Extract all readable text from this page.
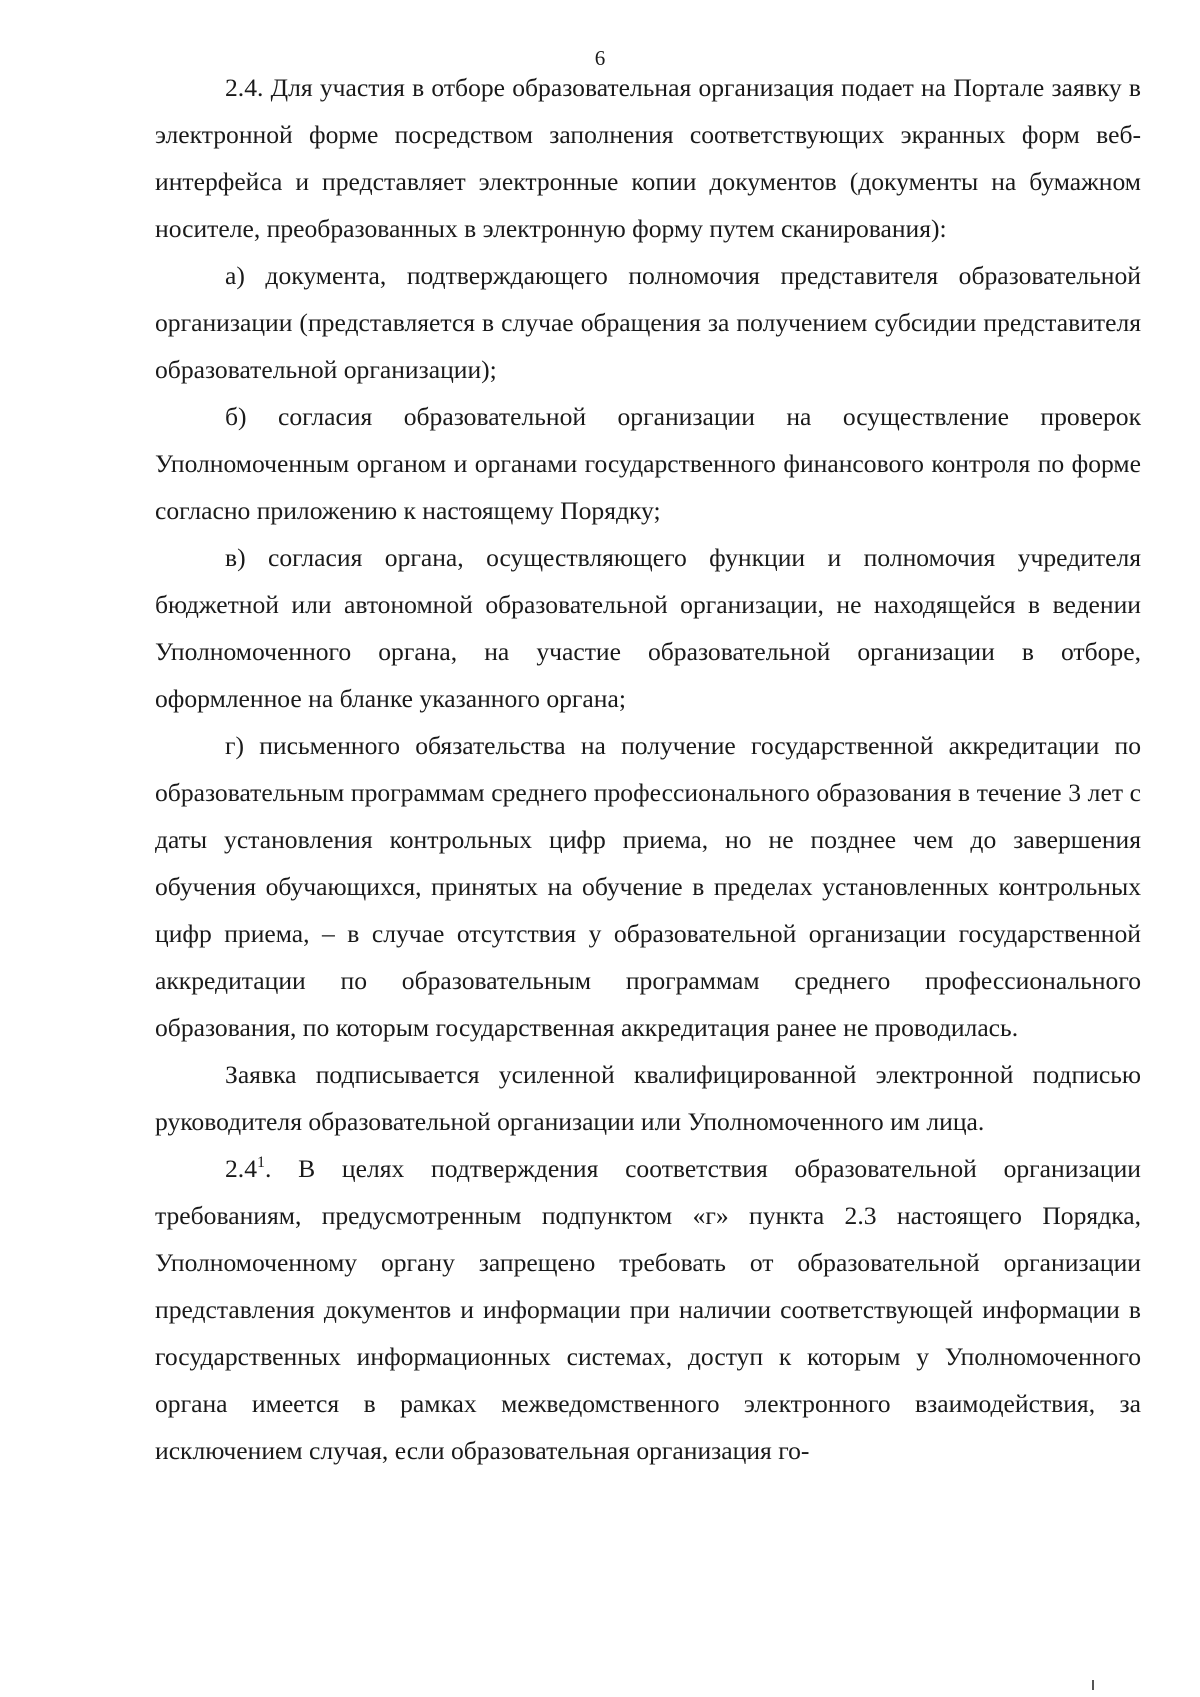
6

2.4. Для участия в отборе образовательная организация подает на Портале заявку в электронной форме посредством заполнения соответствующих экранных форм веб-интерфейса и представляет электронные копии документов (документы на бумажном носителе, преобразованных в электронную форму путем сканирования):

а) документа, подтверждающего полномочия представителя образовательной организации (представляется в случае обращения за получением субсидии представителя образовательной организации);

б) согласия образовательной организации на осуществление проверок Уполномоченным органом и органами государственного финансового контроля по форме согласно приложению к настоящему Порядку;

в) согласия органа, осуществляющего функции и полномочия учредителя бюджетной или автономной образовательной организации, не находящейся в ведении Уполномоченного органа, на участие образовательной организации в отборе, оформленное на бланке указанного органа;

г) письменного обязательства на получение государственной аккредитации по образовательным программам среднего профессионального образования в течение 3 лет с даты установления контрольных цифр приема, но не позднее чем до завершения обучения обучающихся, принятых на обучение в пределах установленных контрольных цифр приема, – в случае отсутствия у образовательной организации государственной аккредитации по образовательным программам среднего профессионального образования, по которым государственная аккредитация ранее не проводилась.

Заявка подписывается усиленной квалифицированной электронной подписью руководителя образовательной организации или Уполномоченного им лица.

$2.4^1$. В целях подтверждения соответствия образовательной организации требованиям, предусмотренным подпунктом «г» пункта 2.3 настоящего Порядка, Уполномоченному органу запрещено требовать от образовательной организации представления документов и информации при наличии соответствующей информации в государственных информационных системах, доступ к которым у Уполномоченного органа имеется в рамках межведомственного электронного взаимодействия, за исключением случая, если образовательная организация го-
